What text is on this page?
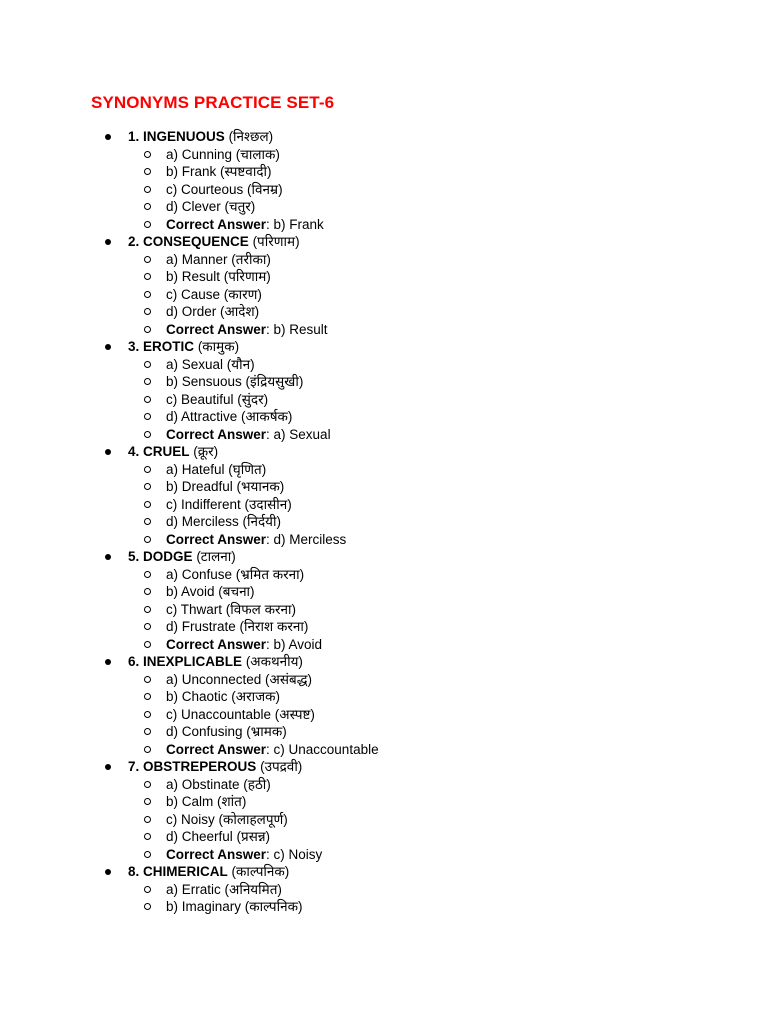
SYNONYMS PRACTICE SET-6
1. INGENUOUS (निश्छल)
a) Cunning (चालाक)
b) Frank (स्पष्टवादी)
c) Courteous (विनम्र)
d) Clever (चतुर)
Correct Answer: b) Frank
2. CONSEQUENCE (परिणाम)
a) Manner (तरीका)
b) Result (परिणाम)
c) Cause (कारण)
d) Order (आदेश)
Correct Answer: b) Result
3. EROTIC (कामुक)
a) Sexual (यौन)
b) Sensuous (इंद्रियसुखी)
c) Beautiful (सुंदर)
d) Attractive (आकर्षक)
Correct Answer: a) Sexual
4. CRUEL (क्रूर)
a) Hateful (घृणित)
b) Dreadful (भयानक)
c) Indifferent (उदासीन)
d) Merciless (निर्दयी)
Correct Answer: d) Merciless
5. DODGE (टालना)
a) Confuse (भ्रमित करना)
b) Avoid (बचना)
c) Thwart (विफल करना)
d) Frustrate (निराश करना)
Correct Answer: b) Avoid
6. INEXPLICABLE (अकथनीय)
a) Unconnected (असंबद्ध)
b) Chaotic (अराजक)
c) Unaccountable (अस्पष्ट)
d) Confusing (भ्रामक)
Correct Answer: c) Unaccountable
7. OBSTREPEROUS (उपद्रवी)
a) Obstinate (हठी)
b) Calm (शांत)
c) Noisy (कोलाहलपूर्ण)
d) Cheerful (प्रसन्न)
Correct Answer: c) Noisy
8. CHIMERICAL (काल्पनिक)
a) Erratic (अनियमित)
b) Imaginary (काल्पनिक)
